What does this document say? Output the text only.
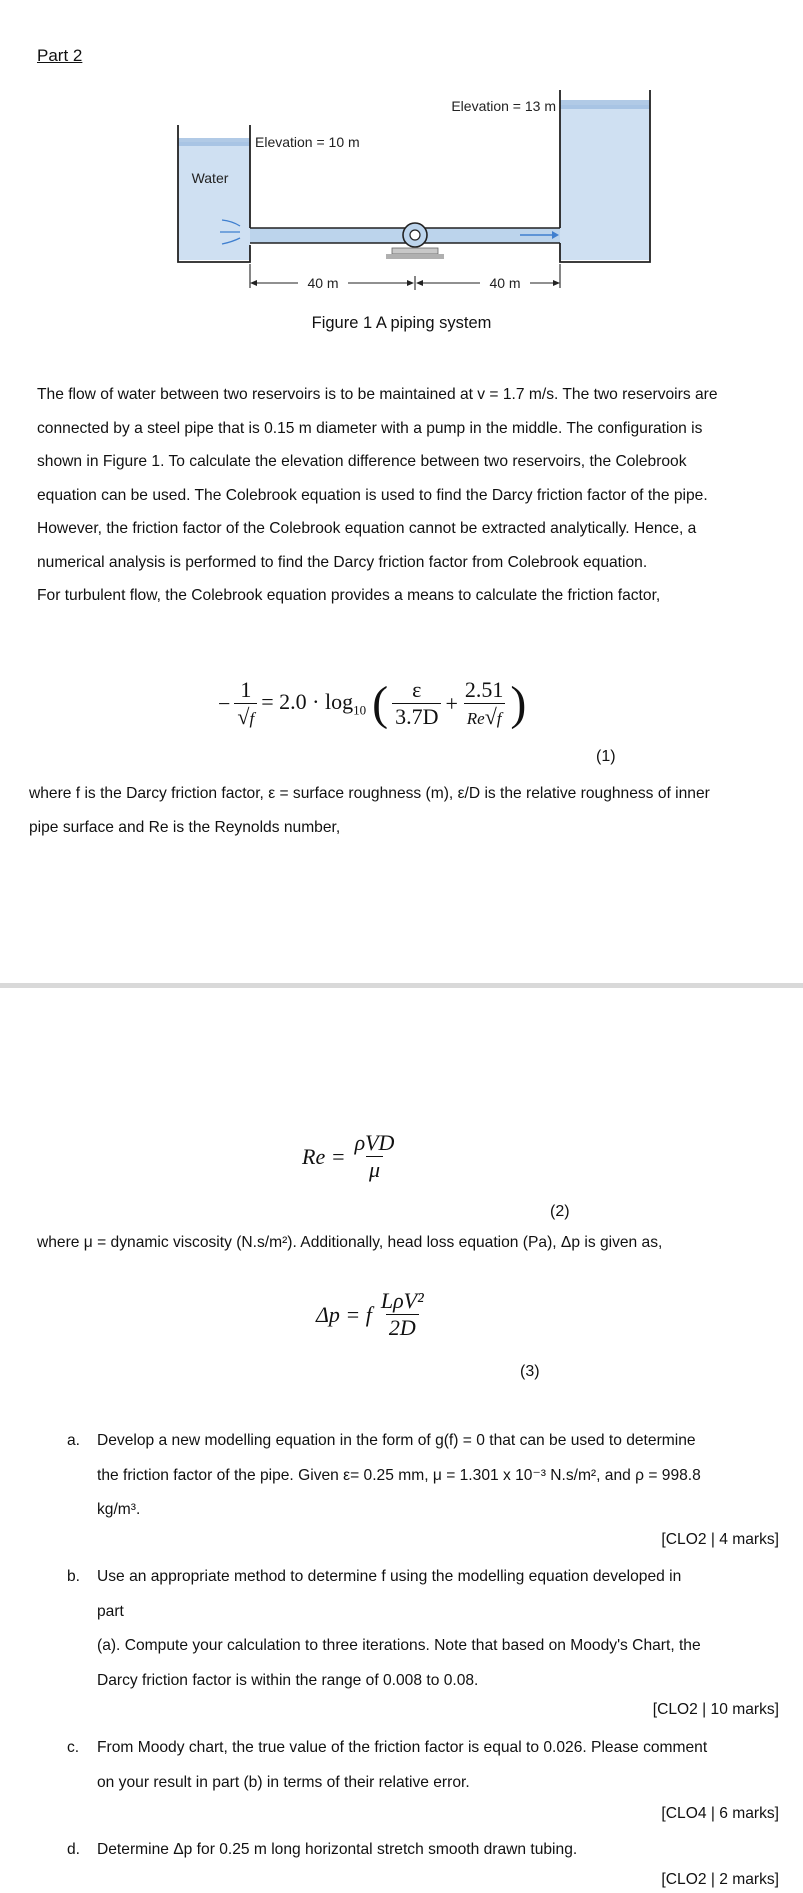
Part 2
Water
Elevation = 10 m
Elevation = 13 m
40 m	40 m
Figure 1 A piping system
The flow of water between two reservoirs is to be maintained at v = 1.7 m/s. The two reservoirs are
connected by a steel pipe that is 0.15 m diameter with a pump in the middle. The configuration is
shown in Figure 1. To calculate the elevation difference between two reservoirs, the Colebrook
equation can be used. The Colebrook equation is used to find the Darcy friction factor of the pipe.
However, the friction factor of the Colebrook equation cannot be extracted analytically. Hence, a
numerical analysis is performed to find the Darcy friction factor from Colebrook equation.
For turbulent flow, the Colebrook equation provides a means to calculate the friction factor,
− $\frac{1}{√f} = 2.0 \cdot \log_{10}$ ( $\frac{\varepsilon}{3.7D} + \frac{2.51}{Re√f}$ )
(1)
where f is the Darcy friction factor, ε = surface roughness (m), ε/D is the relative roughness of inner
pipe surface and Re is the Reynolds number,
$Re = \frac{\text{ρVD}}{\mu}$
(2)
where μ = dynamic viscosity (N.s/m²). Additionally, head loss equation (Pa), Δp is given as,
Δp = f $\frac{\text{LρV²}}{2D}$
(3)
a. Develop a new modelling equation in the form of g(f) = 0 that can be used to determine
the friction factor of the pipe. Given ε= 0.25 mm, μ = 1.301 x 10⁻³ N.s/m², and ρ = 998.8
kg/m³.
[CLO2 | 4 marks]
b. Use an appropriate method to determine f using the modelling equation developed in
part
(a). Compute your calculation to three iterations. Note that based on Moody's Chart, the
Darcy friction factor is within the range of 0.008 to 0.08.
[CLO2 | 10 marks]
c. From Moody chart, the true value of the friction factor is equal to 0.026. Please comment
on your result in part (b) in terms of their relative error.
[CLO4 | 6 marks]
d. Determine Δp for 0.25 m long horizontal stretch smooth drawn tubing.
[CLO2 | 2 marks]
